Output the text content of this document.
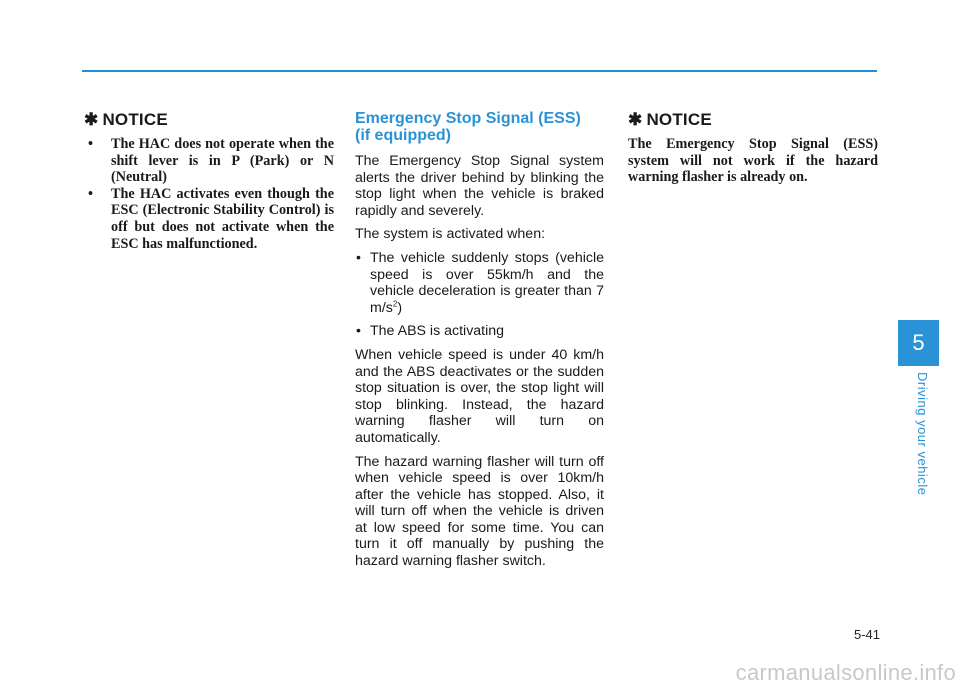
✱ NOTICE
• The HAC does not operate when the shift lever is in P (Park) or N (Neutral)
• The HAC activates even though the ESC (Electronic Stability Control) is off but does not activate when the ESC has malfunctioned.
Emergency Stop Signal (ESS)
(if equipped)

The Emergency Stop Signal system alerts the driver behind by blinking the stop light when the vehicle is braked rapidly and severely.

The system is activated when:

• The vehicle suddenly stops (vehicle speed is over 55km/h and the vehicle deceleration is greater than 7 $m/s^2$)
• The ABS is activating

When vehicle speed is under 40 km/h and the ABS deactivates or the sudden stop situation is over, the stop light will stop blinking. Instead, the hazard warning flasher will turn on automatically.

The hazard warning flasher will turn off when vehicle speed is over 10km/h after the vehicle has stopped. Also, it will turn off when the vehicle is driven at low speed for some time. You can turn it off manually by pushing the hazard warning flasher switch.

✱ NOTICE

The Emergency Stop Signal (ESS) system will not work if the hazard warning flasher is already on.

5
Driving your vehicle
5-41
carmanualsonline.info
